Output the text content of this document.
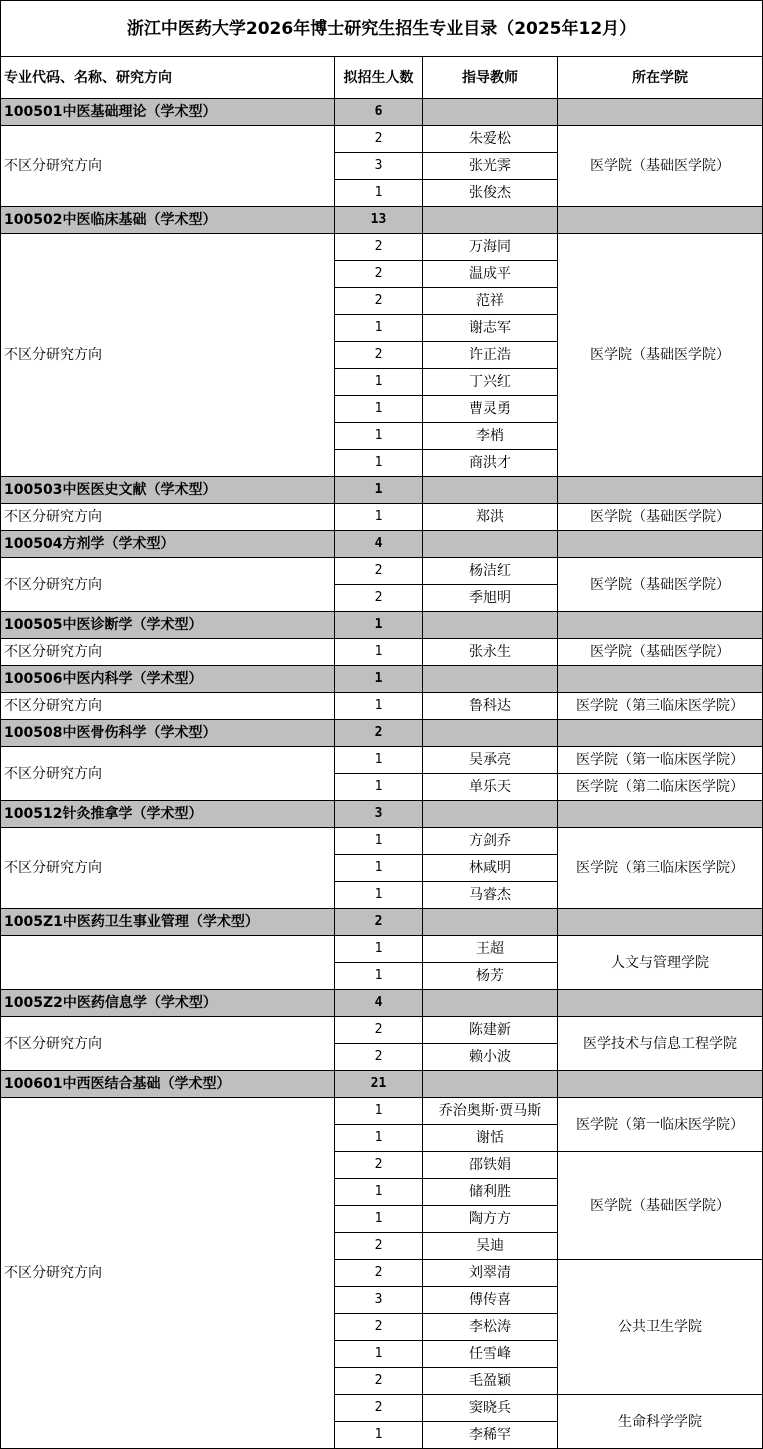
浙江中医药大学2026年博士研究生招生专业目录（2025年12月）			
专业代码、名称、研究方向	拟招生人数	指导教师	所在学院
100501中医基础理论（学术型）	6		
不区分研究方向	2	朱爱松	医学院（基础医学院）
	3	张光霁	
	1	张俊杰	
100502中医临床基础（学术型）	13		
不区分研究方向	2	万海同	医学院（基础医学院）
	2	温成平	
	2	范祥	
	1	谢志军	
	2	许正浩	
	1	丁兴红	
	1	曹灵勇	
	1	李梢	
	1	商洪才	
100503中医医史文献（学术型）	1		
不区分研究方向	1	郑洪	医学院（基础医学院）
100504方剂学（学术型）	4		
不区分研究方向	2	杨洁红	医学院（基础医学院）
	2	季旭明	
100505中医诊断学（学术型）	1		
不区分研究方向	1	张永生	医学院（基础医学院）
100506中医内科学（学术型）	1		
不区分研究方向	1	鲁科达	医学院（第三临床医学院）
100508中医骨伤科学（学术型）	2		
不区分研究方向	1	吴承亮	医学院（第一临床医学院）
	1	单乐天	医学院（第二临床医学院）
100512针灸推拿学（学术型）	3		
不区分研究方向	1	方剑乔	医学院（第三临床医学院）
	1	林咸明	
	1	马睿杰	
1005Z1中医药卫生事业管理（学术型）	2		
	1	王超	人文与管理学院
	1	杨芳	
1005Z2中医药信息学（学术型）	4		
不区分研究方向	2	陈建新	医学技术与信息工程学院
	2	赖小波	
100601中西医结合基础（学术型）	21		
不区分研究方向	1	乔治奥斯·贾马斯	医学院（第一临床医学院）
	1	谢恬	
	2	邵铁娟	医学院（基础医学院）
	1	储利胜	
	1	陶方方	
	2	吴迪	
	2	刘翠清	公共卫生学院
	3	傅传喜	
	2	李松涛	
	1	任雪峰	
	2	毛盈颖	
	2	窦晓兵	生命科学学院
	1	李稀罕	
